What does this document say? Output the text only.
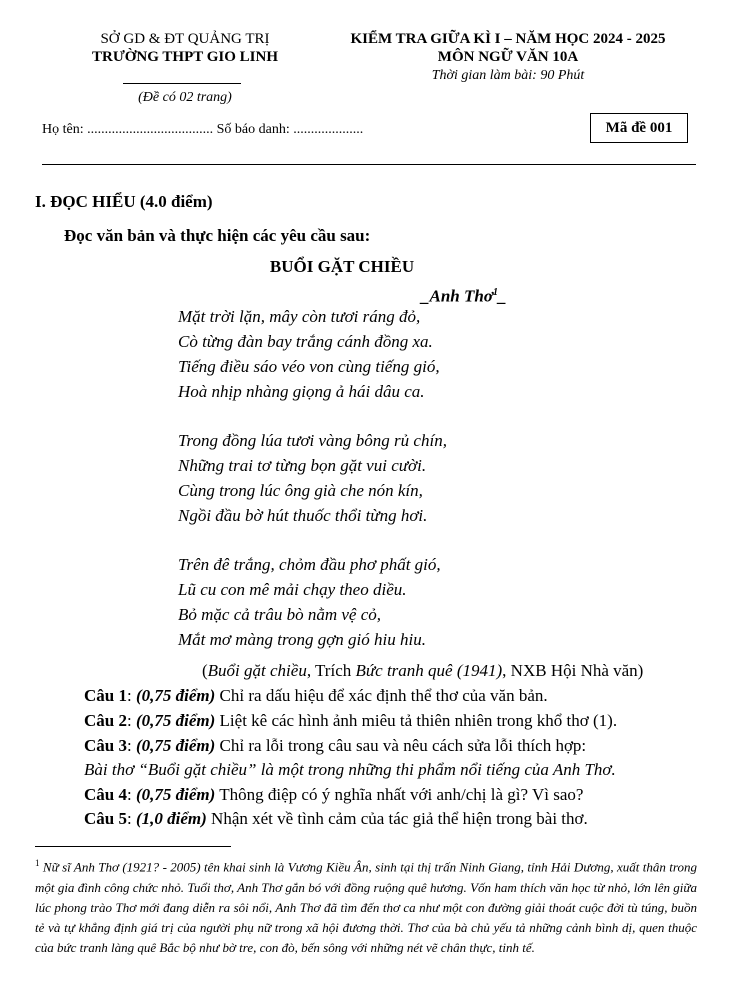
SỞ GD & ĐT QUẢNG TRỊ
TRƯỜNG THPT GIO LINH
(Đề có 02 trang)
KIỂM TRA GIỮA KÌ I – NĂM HỌC 2024 - 2025
MÔN NGỮ VĂN 10A
Thời gian làm bài: 90 Phút
Họ tên: .................................... Số báo danh: ....................	Mã đề 001
I. ĐỌC HIỂU (4.0 điểm)
Đọc văn bản và thực hiện các yêu cầu sau:
BUỔI GẶT CHIỀU
_Anh Thơ$^1$_
Mặt trời lặn, mây còn tươi ráng đỏ,
Cò từng đàn bay trắng cánh đồng xa.
Tiếng điều sáo véo von cùng tiếng gió,
Hoà nhịp nhàng giọng ả hái dâu ca.
Trong đồng lúa tươi vàng bông rủ chín,
Những trai tơ từng bọn gặt vui cười.
Cùng trong lúc ông già che nón kín,
Ngồi đầu bờ hút thuốc thổi từng hơi.
Trên đê trắng, chỏm đầu phơ phất gió,
Lũ cu con mê mải chạy theo diều.
Bỏ mặc cả trâu bò nằm vệ cỏ,
Mắt mơ màng trong gợn gió hiu hiu.
(Buổi gặt chiều, Trích Bức tranh quê (1941), NXB Hội Nhà văn)
Câu 1: (0,75 điểm) Chỉ ra dấu hiệu để xác định thể thơ của văn bản.
Câu 2: (0,75 điểm) Liệt kê các hình ảnh miêu tả thiên nhiên trong khổ thơ (1).
Câu 3: (0,75 điểm) Chỉ ra lỗi trong câu sau và nêu cách sửa lỗi thích hợp:
Bài thơ “Buổi gặt chiều” là một trong những thi phẩm nổi tiếng của Anh Thơ.
Câu 4: (0,75 điểm) Thông điệp có ý nghĩa nhất với anh/chị là gì? Vì sao?
Câu 5: (1,0 điểm) Nhận xét về tình cảm của tác giả thể hiện trong bài thơ.
$^1$ Nữ sĩ Anh Thơ (1921? - 2005) tên khai sinh là Vương Kiều Ân, sinh tại thị trấn Ninh Giang, tỉnh Hải Dương, xuất thân trong một gia đình công chức nhỏ. Tuổi thơ, Anh Thơ gắn bó với đồng ruộng quê hương. Vốn ham thích văn học từ nhỏ, lớn lên giữa lúc phong trào Thơ mới đang diễn ra sôi nổi, Anh Thơ đã tìm đến thơ ca như một con đường giải thoát cuộc đời tù túng, buồn tẻ và tự khẳng định giá trị của người phụ nữ trong xã hội đương thời. Thơ của bà chủ yếu tả những cảnh bình dị, quen thuộc của bức tranh làng quê Bắc bộ như bờ tre, con đò, bến sông với những nét vẽ chân thực, tinh tế.
